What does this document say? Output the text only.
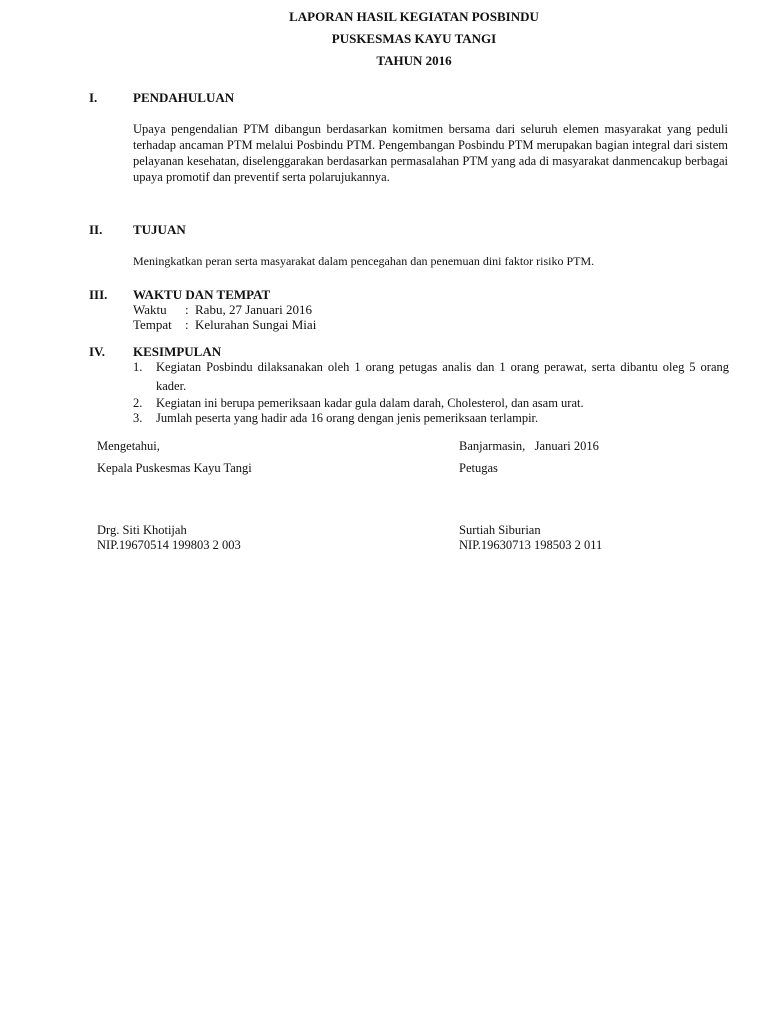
LAPORAN HASIL KEGIATAN POSBINDU
PUSKESMAS KAYU TANGI
TAHUN 2016
I.	PENDAHULUAN
Upaya pengendalian PTM dibangun berdasarkan komitmen bersama dari seluruh elemen masyarakat yang peduli terhadap ancaman PTM melalui Posbindu PTM. Pengembangan Posbindu PTM merupakan bagian integral dari sistem pelayanan kesehatan, diselenggarakan berdasarkan permasalahan PTM yang ada di masyarakat danmencakup berbagai upaya promotif dan preventif serta polarujukannya.
II. TUJUAN
Meningkatkan peran serta masyarakat dalam pencegahan dan penemuan dini faktor risiko PTM.
III. WAKTU DAN TEMPAT
Waktu : Rabu, 27 Januari 2016
Tempat : Kelurahan Sungai Miai
IV. KESIMPULAN
1. Kegiatan Posbindu dilaksanakan oleh 1 orang petugas analis dan 1 orang perawat, serta dibantu oleg 5 orang kader.
2. Kegiatan ini berupa pemeriksaan kadar gula dalam darah, Cholesterol, dan asam urat.
3. Jumlah peserta yang hadir ada 16 orang dengan jenis pemeriksaan terlampir.
Mengetahui,
Kepala Puskesmas Kayu Tangi
Drg. Siti Khotijah
NIP.19670514 199803 2 003
Banjarmasin,   Januari 2016
Petugas
Surtiah Siburian
NIP.19630713 198503 2 011
